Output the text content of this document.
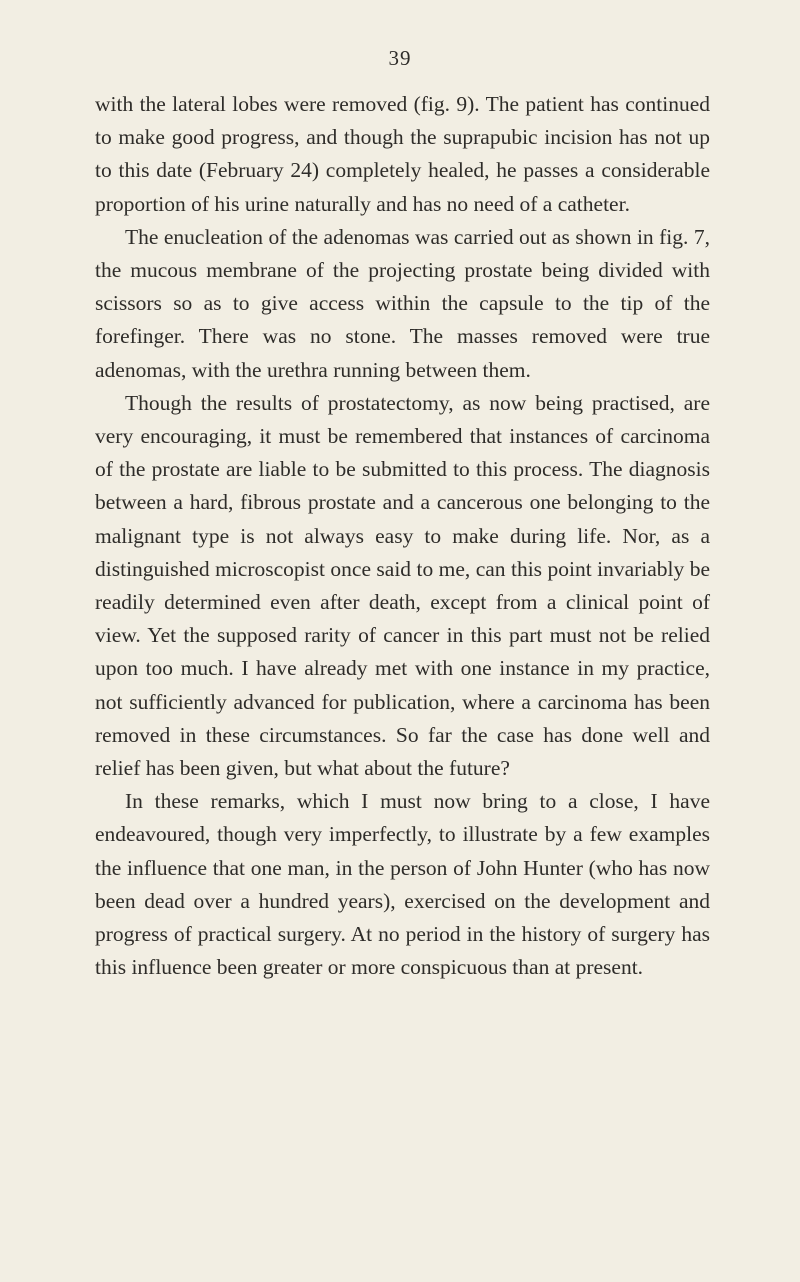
39

with the lateral lobes were removed (fig. 9). The patient has continued to make good progress, and though the suprapubic incision has not up to this date (February 24) completely healed, he passes a considerable proportion of his urine naturally and has no need of a catheter.

The enucleation of the adenomas was carried out as shown in fig. 7, the mucous membrane of the projecting prostate being divided with scissors so as to give access within the capsule to the tip of the forefinger. There was no stone. The masses removed were true adenomas, with the urethra running between them.

Though the results of prostatectomy, as now being practised, are very encouraging, it must be remembered that instances of carcinoma of the prostate are liable to be submitted to this process. The diagnosis between a hard, fibrous prostate and a cancerous one belonging to the malignant type is not always easy to make during life. Nor, as a distinguished microscopist once said to me, can this point invariably be readily determined even after death, except from a clinical point of view. Yet the supposed rarity of cancer in this part must not be relied upon too much. I have already met with one instance in my practice, not sufficiently advanced for publication, where a carcinoma has been removed in these circumstances. So far the case has done well and relief has been given, but what about the future?

In these remarks, which I must now bring to a close, I have endeavoured, though very imperfectly, to illustrate by a few examples the influence that one man, in the person of John Hunter (who has now been dead over a hundred years), exercised on the development and progress of practical surgery. At no period in the history of surgery has this influence been greater or more conspicuous than at present.
